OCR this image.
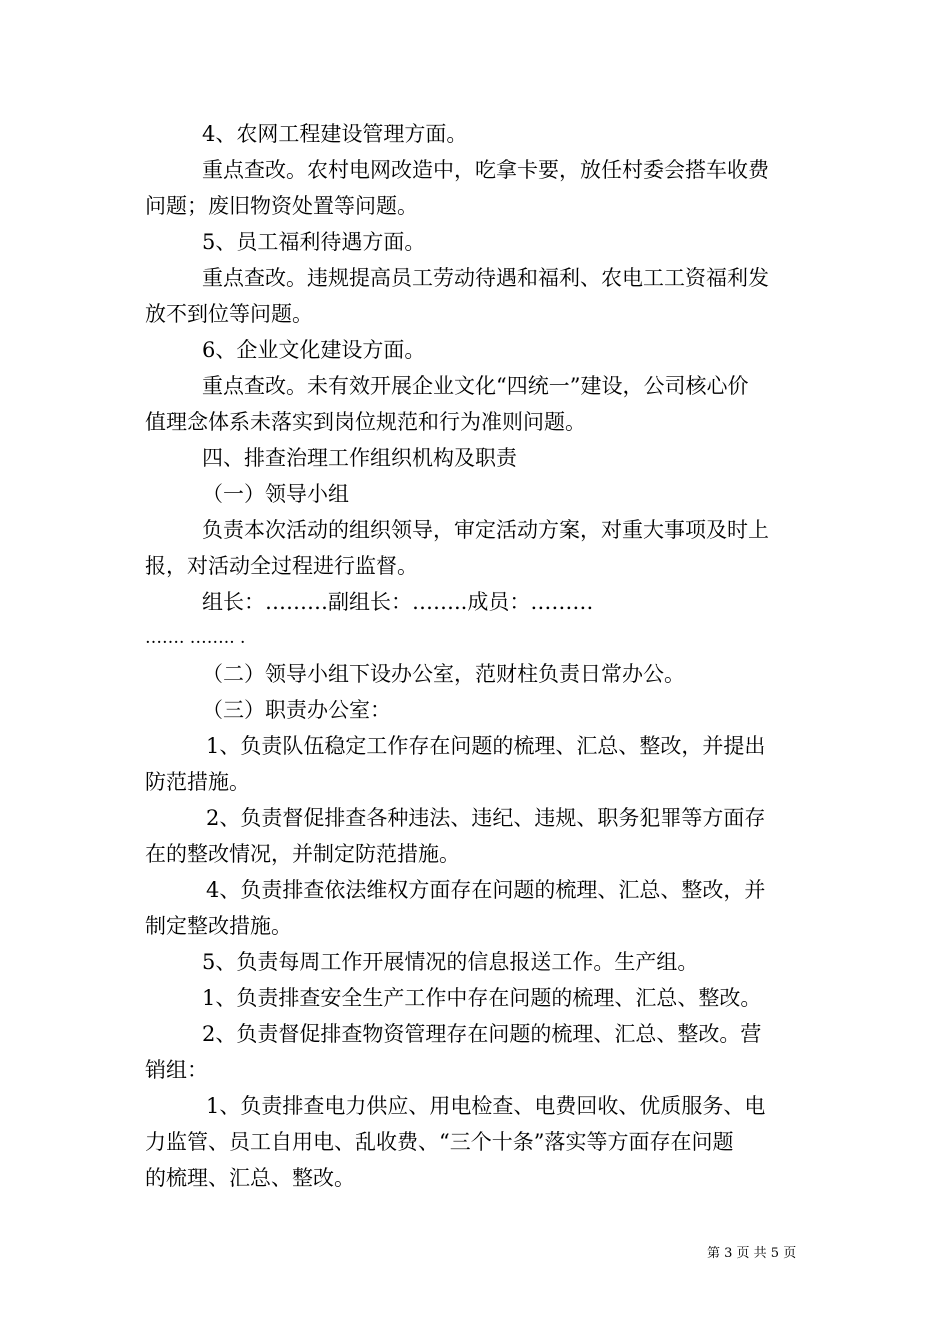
4、农网工程建设管理方面。
重点查改。农村电网改造中，吃拿卡要，放任村委会搭车收费
问题；废旧物资处置等问题。
5、员工福利待遇方面。
重点查改。违规提高员工劳动待遇和福利、农电工工资福利发
放不到位等问题。
6、企业文化建设方面。
重点查改。未有效开展企业文化“四统一”建设，公司核心价
值理念体系未落实到岗位规范和行为准则问题。
四、排查治理工作组织机构及职责
（一）领导小组
负责本次活动的组织领导，审定活动方案，对重大事项及时上
报，对活动全过程进行监督。
组长：………副组长：……..成员：………
……. …….. .
（二）领导小组下设办公室，范财柱负责日常办公。
（三）职责办公室：
1、负责队伍稳定工作存在问题的梳理、汇总、整改，并提出
防范措施。
2、负责督促排查各种违法、违纪、违规、职务犯罪等方面存
在的整改情况，并制定防范措施。
4、负责排查依法维权方面存在问题的梳理、汇总、整改，并
制定整改措施。
5、负责每周工作开展情况的信息报送工作。生产组。
1、负责排查安全生产工作中存在问题的梳理、汇总、整改。
2、负责督促排查物资管理存在问题的梳理、汇总、整改。营
销组：
1、负责排查电力供应、用电检查、电费回收、优质服务、电
力监管、员工自用电、乱收费、“三个十条”落实等方面存在问题
的梳理、汇总、整改。
第 3 页 共 5 页
